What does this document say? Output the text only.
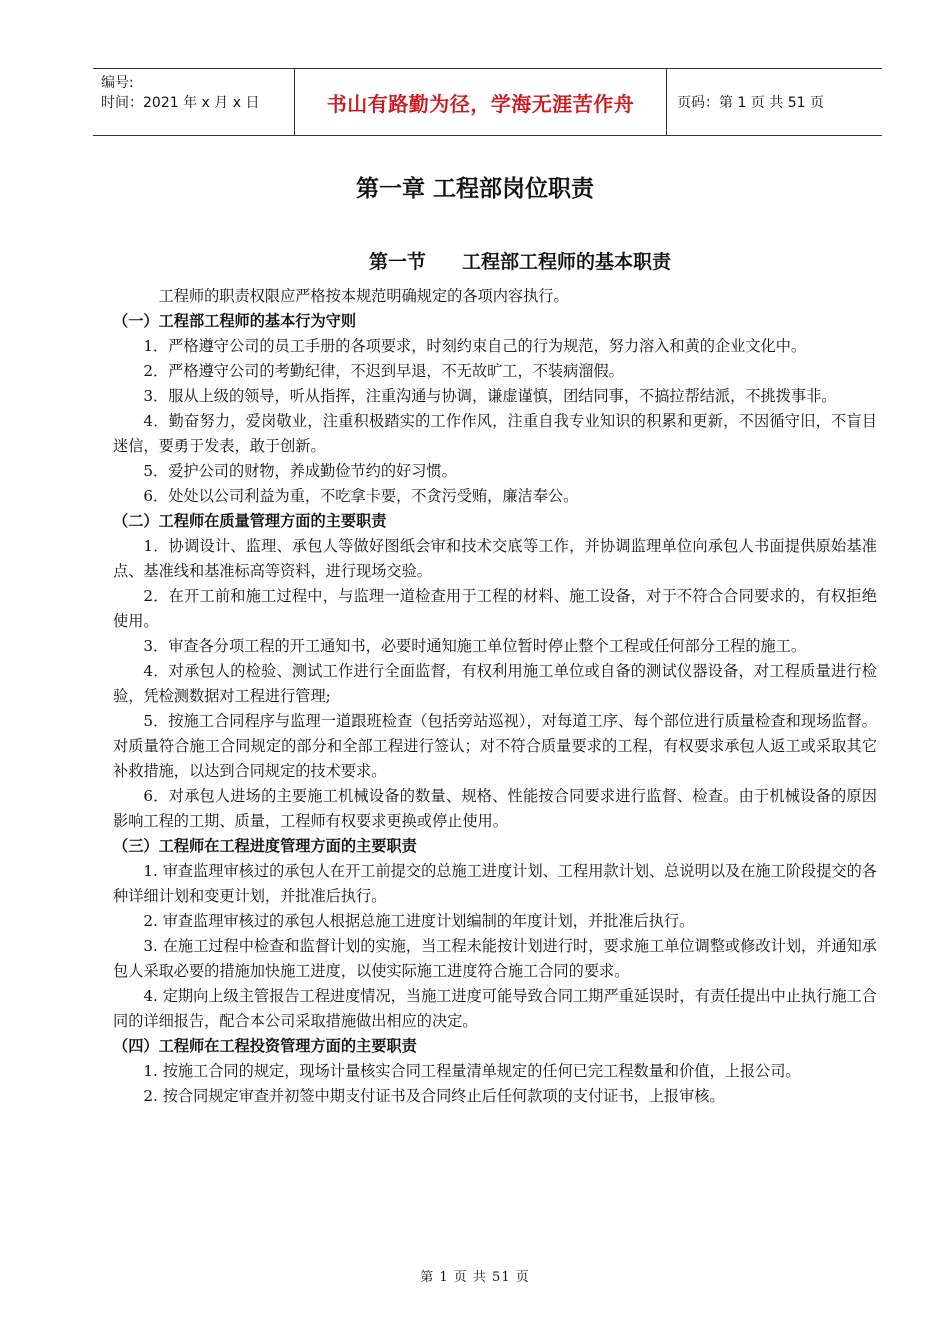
编号:
时间：2021 年 x 月 x 日	书山有路勤为径，学海无涯苦作舟	页码：第 1 页 共 51 页
第一章 工程部岗位职责
第一节 工程部工程师的基本职责

工程师的职责权限应严格按本规范明确规定的各项内容执行。

（一）工程部工程师的基本行为守则

1．严格遵守公司的员工手册的各项要求，时刻约束自己的行为规范，努力溶入和黄的企业文化中。

2．严格遵守公司的考勤纪律，不迟到早退，不无故旷工，不装病溜假。

3．服从上级的领导，听从指挥，注重沟通与协调，谦虚谨慎，团结同事，不搞拉帮结派，不挑拨事非。

4．勤奋努力，爱岗敬业，注重积极踏实的工作作风，注重自我专业知识的积累和更新，不因循守旧，不盲目迷信，要勇于发表，敢于创新。

5．爱护公司的财物，养成勤俭节约的好习惯。

6．处处以公司利益为重，不吃拿卡要，不贪污受贿，廉洁奉公。

（二）工程师在质量管理方面的主要职责

1．协调设计、监理、承包人等做好图纸会审和技术交底等工作，并协调监理单位向承包人书面提供原始基准点、基准线和基准标高等资料，进行现场交验。

2．在开工前和施工过程中，与监理一道检查用于工程的材料、施工设备，对于不符合合同要求的，有权拒绝使用。

3．审查各分项工程的开工通知书，必要时通知施工单位暂时停止整个工程或任何部分工程的施工。

4．对承包人的检验、测试工作进行全面监督，有权利用施工单位或自备的测试仪器设备，对工程质量进行检验，凭检测数据对工程进行管理;

5．按施工合同程序与监理一道跟班检查（包括旁站巡视），对每道工序、每个部位进行质量检查和现场监督。对质量符合施工合同规定的部分和全部工程进行签认；对不符合质量要求的工程，有权要求承包人返工或采取其它补救措施，以达到合同规定的技术要求。

6．对承包人进场的主要施工机械设备的数量、规格、性能按合同要求进行监督、检查。由于机械设备的原因影响工程的工期、质量，工程师有权要求更换或停止使用。

（三）工程师在工程进度管理方面的主要职责

1. 审查监理审核过的承包人在开工前提交的总施工进度计划、工程用款计划、总说明以及在施工阶段提交的各种详细计划和变更计划，并批准后执行。

2. 审查监理审核过的承包人根据总施工进度计划编制的年度计划，并批准后执行。

3. 在施工过程中检查和监督计划的实施，当工程未能按计划进行时，要求施工单位调整或修改计划，并通知承包人采取必要的措施加快施工进度，以使实际施工进度符合施工合同的要求。

4. 定期向上级主管报告工程进度情况，当施工进度可能导致合同工期严重延误时，有责任提出中止执行施工合同的详细报告，配合本公司采取措施做出相应的决定。

（四）工程师在工程投资管理方面的主要职责

1. 按施工合同的规定，现场计量核实合同工程量清单规定的任何已完工程数量和价值，上报公司。

2. 按合同规定审查并初签中期支付证书及合同终止后任何款项的支付证书，上报审核。

第 1 页 共 51 页
